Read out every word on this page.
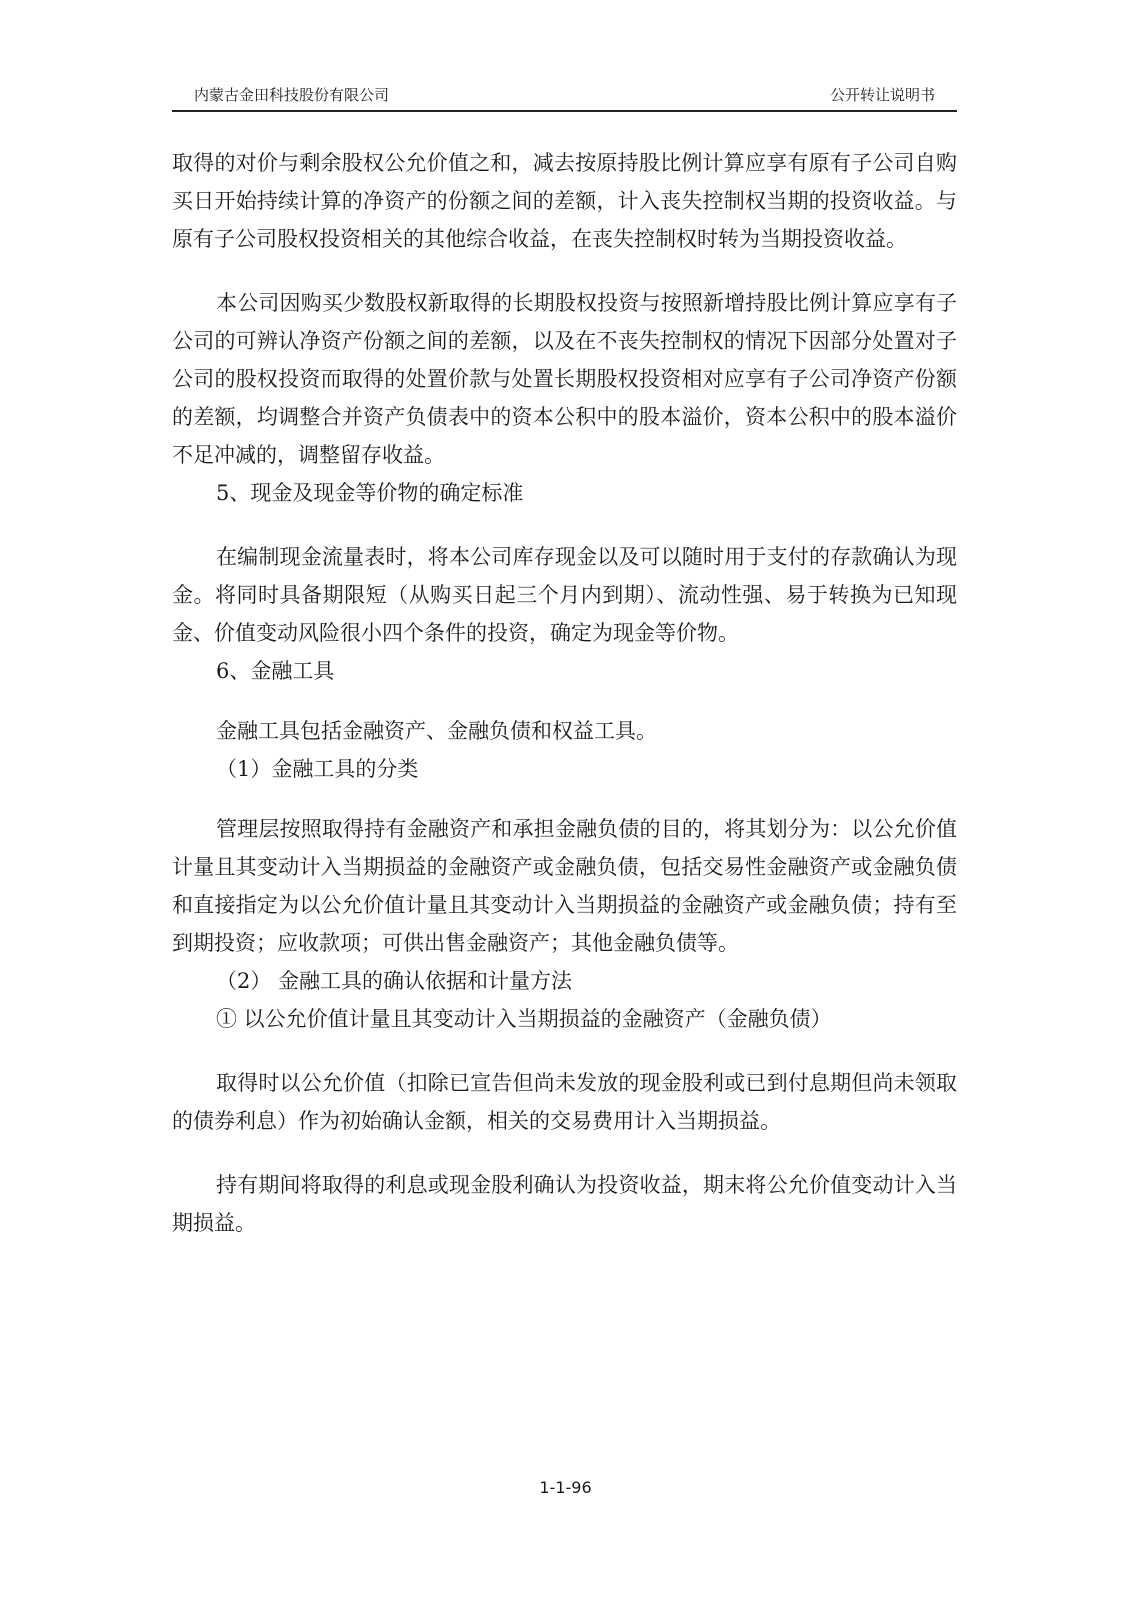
内蒙古金田科技股份有限公司	公开转让说明书

取得的对价与剩余股权公允价值之和，减去按原持股比例计算应享有原有子公司自购买日开始持续计算的净资产的份额之间的差额，计入丧失控制权当期的投资收益。与原有子公司股权投资相关的其他综合收益，在丧失控制权时转为当期投资收益。

本公司因购买少数股权新取得的长期股权投资与按照新增持股比例计算应享有子公司的可辨认净资产份额之间的差额，以及在不丧失控制权的情况下因部分处置对子公司的股权投资而取得的处置价款与处置长期股权投资相对应享有子公司净资产份额的差额，均调整合并资产负债表中的资本公积中的股本溢价，资本公积中的股本溢价不足冲减的，调整留存收益。

5、现金及现金等价物的确定标准

在编制现金流量表时，将本公司库存现金以及可以随时用于支付的存款确认为现金。将同时具备期限短（从购买日起三个月内到期）、流动性强、易于转换为已知现金、价值变动风险很小四个条件的投资，确定为现金等价物。

6、金融工具

金融工具包括金融资产、金融负债和权益工具。

（1）金融工具的分类

管理层按照取得持有金融资产和承担金融负债的目的，将其划分为：以公允价值计量且其变动计入当期损益的金融资产或金融负债，包括交易性金融资产或金融负债和直接指定为以公允价值计量且其变动计入当期损益的金融资产或金融负债；持有至到期投资；应收款项；可供出售金融资产；其他金融负债等。

（2） 金融工具的确认依据和计量方法

① 以公允价值计量且其变动计入当期损益的金融资产（金融负债）

取得时以公允价值（扣除已宣告但尚未发放的现金股利或已到付息期但尚未领取的债券利息）作为初始确认金额，相关的交易费用计入当期损益。

持有期间将取得的利息或现金股利确认为投资收益，期末将公允价值变动计入当期损益。

1-1-96
